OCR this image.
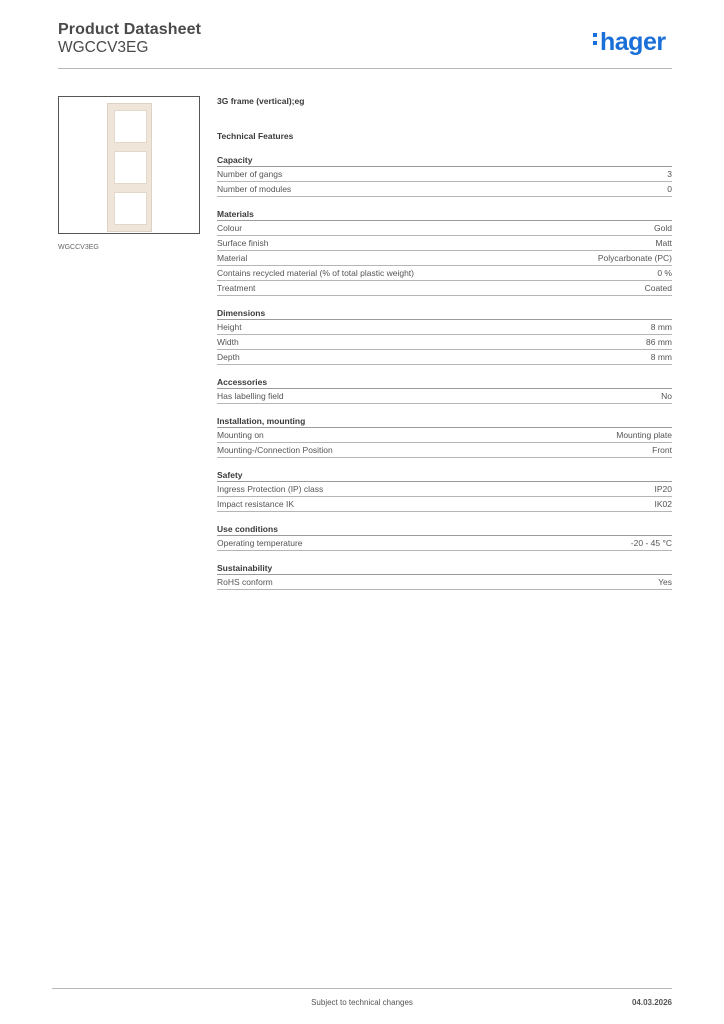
Product Datasheet
WGCCV3EG	hager
WGCCV3EG
3G frame (vertical);eg
Technical Features
Capacity
Number of gangs	3
Number of modules	0
Materials
Colour	Gold
Surface finish	Matt
Material	Polycarbonate (PC)
Contains recycled material (% of total plastic weight)	0 %
Treatment	Coated
Dimensions
Height	8 mm
Width	86 mm
Depth	8 mm
Accessories
Has labelling field	No
Installation, mounting
Mounting on	Mounting plate
Mounting-/Connection Position	Front
Safety
Ingress Protection (IP) class	IP20
Impact resistance IK	IK02
Use conditions
Operating temperature	-20 - 45 °C
Sustainability
RoHS conform	Yes
Subject to technical changes	04.03.2026
